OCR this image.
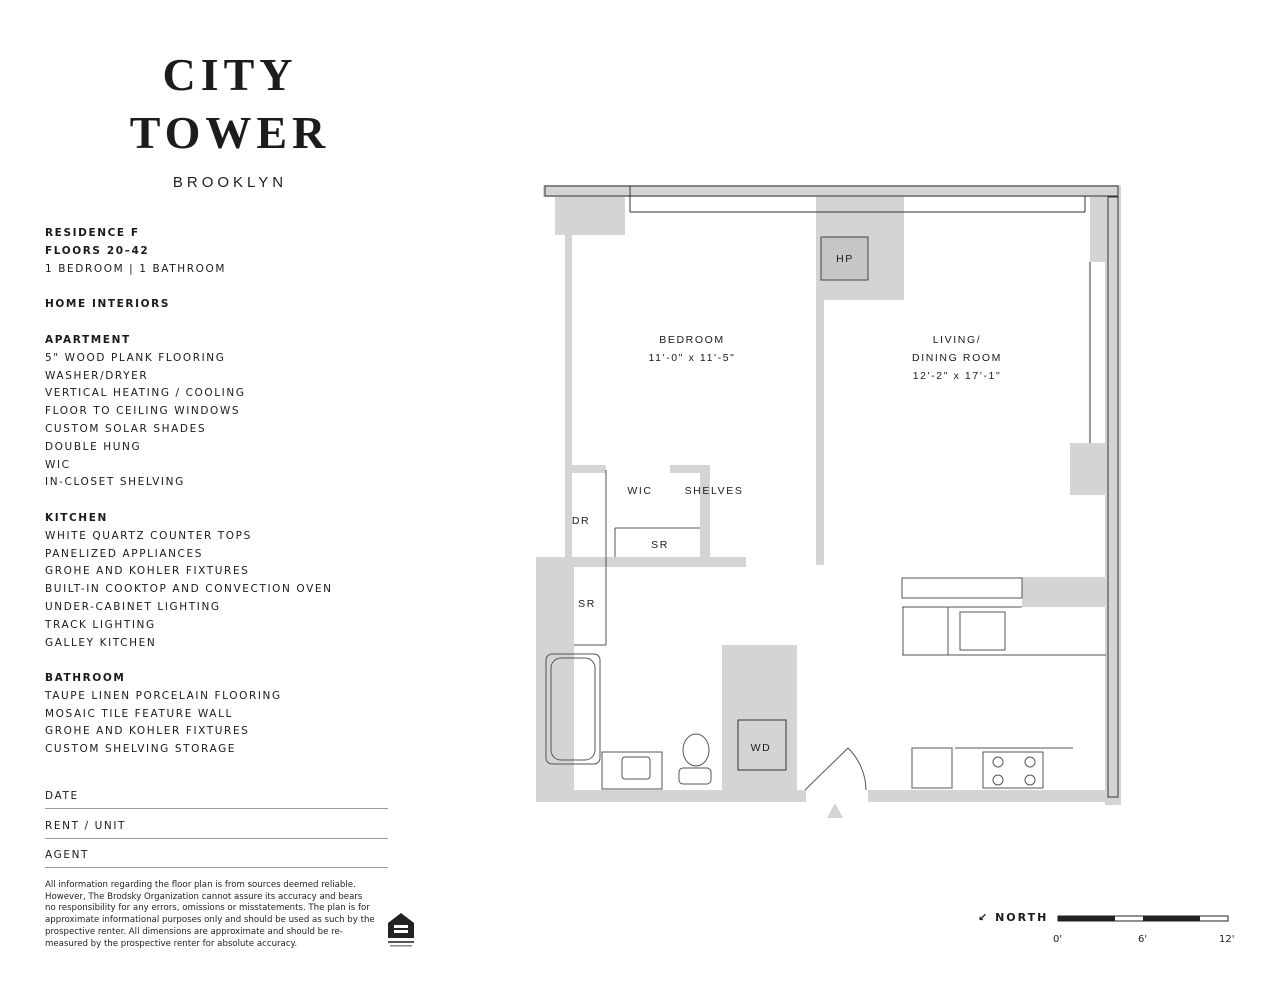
CITY
TOWER
BROOKLYN
RESIDENCE F
FLOORS 20–42
1 BEDROOM | 1 BATHROOM
HOME INTERIORS
APARTMENT
5" WOOD PLANK FLOORING
WASHER/DRYER
VERTICAL HEATING / COOLING
FLOOR TO CEILING WINDOWS
CUSTOM SOLAR SHADES
DOUBLE HUNG
WIC
IN-CLOSET SHELVING
KITCHEN
WHITE QUARTZ COUNTER TOPS
PANELIZED APPLIANCES
GROHE AND KOHLER FIXTURES
BUILT-IN COOKTOP AND CONVECTION OVEN
UNDER-CABINET LIGHTING
TRACK LIGHTING
GALLEY KITCHEN
BATHROOM
TAUPE LINEN PORCELAIN FLOORING
MOSAIC TILE FEATURE WALL
GROHE AND KOHLER FIXTURES
CUSTOM SHELVING STORAGE
DATE
RENT / UNIT
AGENT
All information regarding the floor plan is from sources deemed reliable. However, The Brodsky Organization cannot assure its accuracy and bears no responsibility for any errors, omissions or misstatements. The plan is for approximate informational purposes only and should be used as such by the prospective renter. All dimensions are approximate and should be re-measured by the prospective renter for absolute accuracy.
BEDROOM
11'-0" x 11'-5"
LIVING/
DINING ROOM
12'-2" x 17'-1"
HP
WIC	SHELVES
DR
SR
SR
WD
↙ NORTH
0'	6'	12'
